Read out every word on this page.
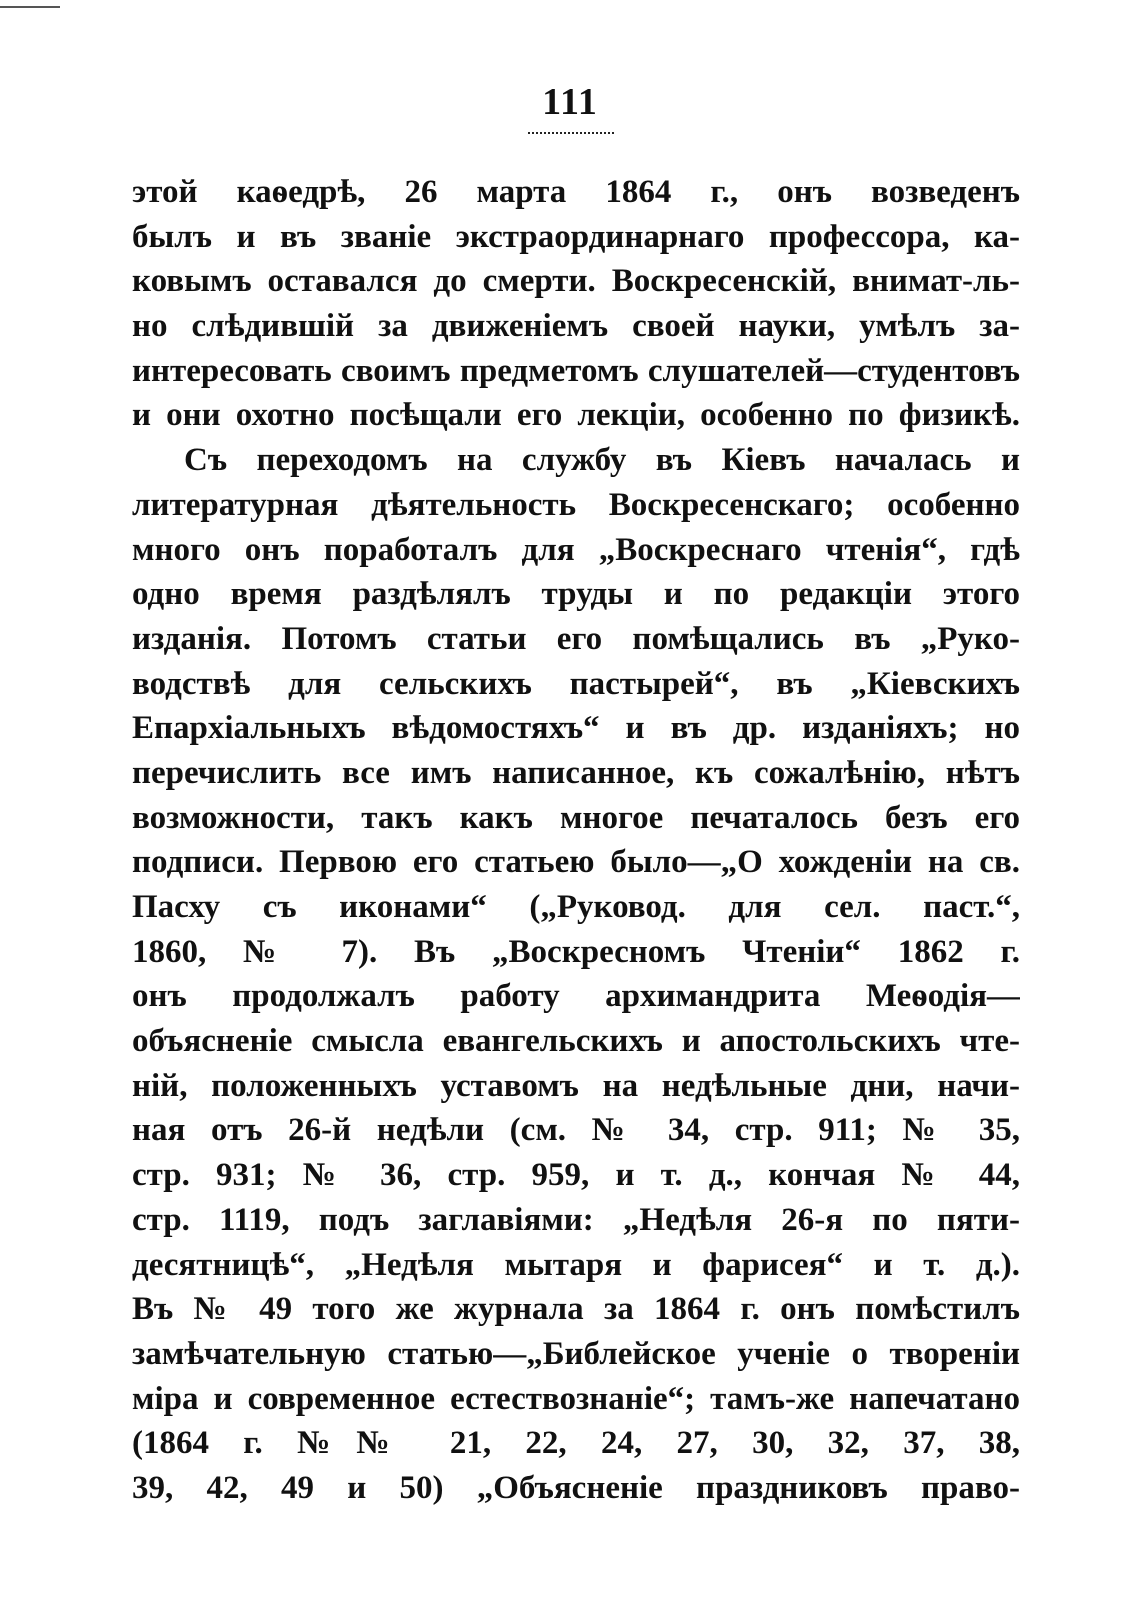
111
этой каѳедрѣ, 26 марта 1864 г., онъ возведенъ
былъ и въ званіе экстраординарнаго профессора, ка-
ковымъ оставался до смерти. Воскресенскій, внимат-ль-
но слѣдившій за движеніемъ своей науки, умѣлъ за-
интересовать своимъ предметомъ слушателей—студентовъ
и они охотно посѣщали его лекціи, особенно по физикѣ.
Съ переходомъ на службу въ Кіевъ началась и
литературная дѣятельность Воскресенскаго; особенно
много онъ поработалъ для „Воскреснаго чтенія“, гдѣ
одно время раздѣлялъ труды и по редакціи этого
изданія. Потомъ статьи его помѣщались въ „Руко-
водствѣ для сельскихъ пастырей“, въ „Кіевскихъ
Епархіальныхъ вѣдомостяхъ“ и въ др. изданіяхъ; но
перечислить все имъ написанное, къ сожалѣнію, нѣтъ
возможности, такъ какъ многое печаталось безъ его
подписи. Первою его статьею было—„О хожденіи на св.
Пасху съ иконами“ („Руковод. для сел. паст.“,
1860, № 7). Въ „Воскресномъ Чтеніи“ 1862 г.
онъ продолжалъ работу архимандрита Меѳодія—
объясненіе смысла евангельскихъ и апостольскихъ чте-
ній, положенныхъ уставомъ на недѣльные дни, начи-
ная отъ 26-й недѣли (см. № 34, стр. 911; № 35,
стр. 931; № 36, стр. 959, и т. д., кончая № 44,
стр. 1119, подъ заглавіями: „Недѣля 26-я по пяти-
десятницѣ“, „Недѣля мытаря и фарисея“ и т. д.).
Въ № 49 того же журнала за 1864 г. онъ помѣстилъ
замѣчательную статью—„Библейское ученіе о твореніи
міра и современное естествознаніе“; тамъ-же напечатано
(1864 г. №№ 21, 22, 24, 27, 30, 32, 37, 38,
39, 42, 49 и 50) „Объясненіе праздниковъ право-
